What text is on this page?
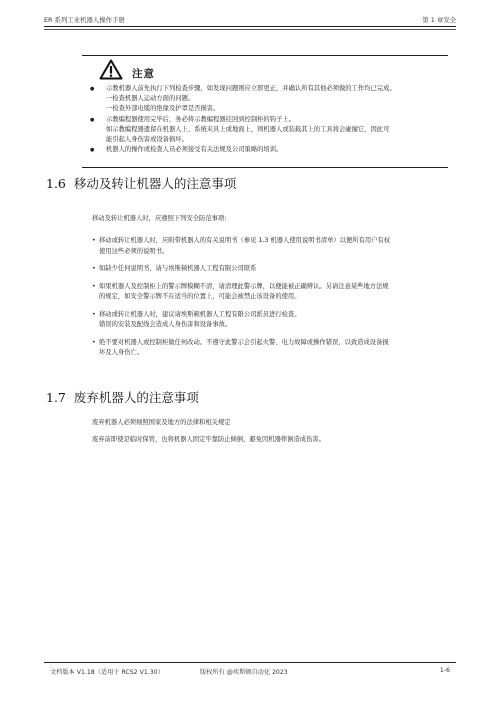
ER 系列工业机器人操作手册	第 1 章安全
注意
● 示教机器人前先执行下列检查步骤，如发现问题则应立即更正，并确认所有其他必须做的工作均已完成。
一检查机器人运动方面的问题。
一检查外部电缆的绝缘及护罩是否损害。
● 示教编程器使用完毕后，务必将示教编程器挂回到控制柜的钩子上。
如示教编程器遗留在机器人上、系统夹具上或地面上，则机器人或装载其上的工具将会碰撞它，因此可
能引起人身伤害或设备损坏。
● 机器人的操作或检查人员必须接受有关法规及公司策略的培训。
1.6 移动及转让机器人的注意事项
移动及转让机器人时，应遵照下列安全防范事项:
• 移动或转让机器人时，应附带机器人的有关说明书（参见 1.3 机器人使用说明书清单）以便所有用户有权
使用这些必须的说明书。
• 如缺少任何说明书，请与埃斯顿机器人工程有限公司联系
• 如果机器人及控制柜上的警示牌模糊不清，请清理此警示牌，以便能被正确辨认。另请注意某些地方法规
的规定，如安全警示牌不在适当的位置上，可能会被禁止该设备的使用。
• 移动或转让机器人时，建议请埃斯顿机器人工程有限公司派员进行检查。
错误的安装及配线会造成人身伤害和设备事故。
• 绝不要对机器人或控制柜做任何改动。不遵守此警示会引起火警、电力故障或操作错误，以致造成设备损
坏及人身伤亡。
1.7 废弃机器人的注意事项
废弃机器人必须细照国家及地方的法律和相关规定
废弃前即使是临时保管，也将机器人固定牢靠防止倾倒，避免因机器摔倒造成伤害。
文档版本 V1.18（适用于 RCS2 V1.30）	版权所有 @埃斯顿自动化 2023	1-6
